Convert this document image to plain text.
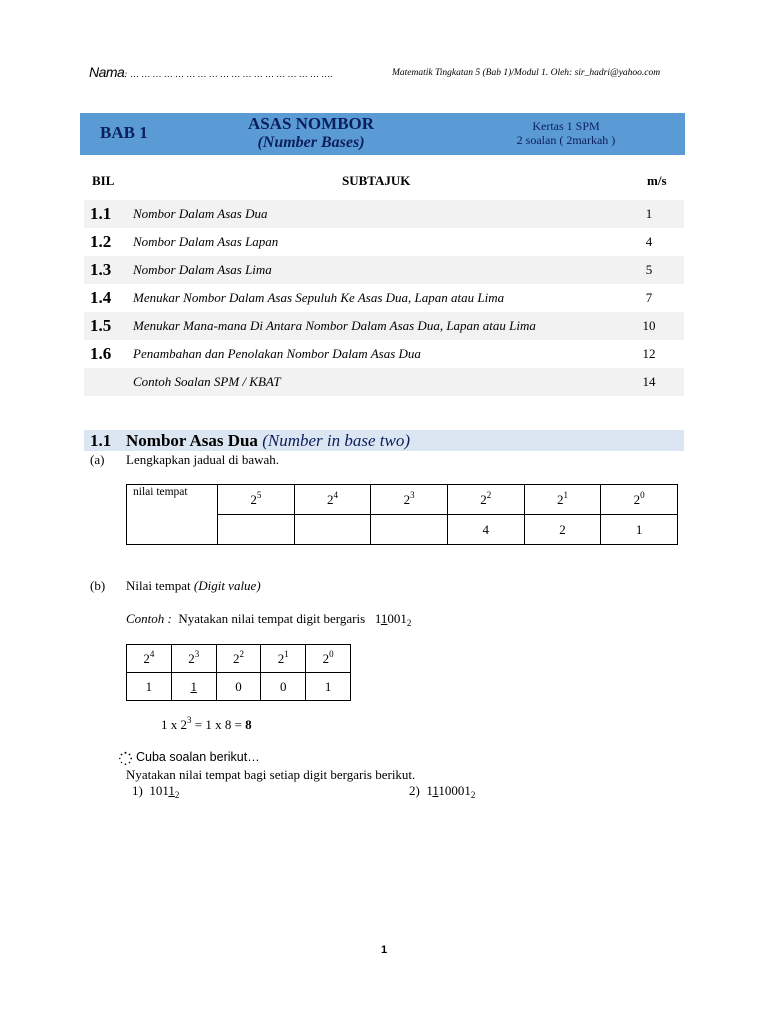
Nama: … … … … … … … … … … … … … … … … … ….	Matematik Tingkatan 5 (Bab 1)/Modul 1. Oleh: sir_hadri@yahoo.com
BAB 1	ASAS NOMBOR
(Number Bases)
Kertas 1 SPM
2 soalan ( 2markah )
BIL	SUBTAJUK	m/s
1.1 Nombor Dalam Asas Dua	1
1.2 Nombor Dalam Asas Lapan	4
1.3 Nombor Dalam Asas Lima	5
1.4 Menukar Nombor Dalam Asas Sepuluh Ke Asas Dua, Lapan atau Lima	7
1.5 Menukar Mana-mana Di Antara Nombor Dalam Asas Dua, Lapan atau Lima	10
1.6 Penambahan dan Penolakan Nombor Dalam Asas Dua	12
Contoh Soalan SPM / KBAT	14
1.1 Nombor Asas Dua (Number in base two)
(a) Lengkapkan jadual di bawah.
nilai tempat	$2^5$	$2^4$	$2^3$	$2^2$	$2^1$	$2^0$
				4	2	1
(b) Nilai tempat (Digit value)
Contoh : Nyatakan nilai tempat digit bergaris $11001_2$
$2^4$	$2^3$	$2^2$	$2^1$	$2^0$
1	1	0	0	1
1 x $2^3 = 1$ x 8 = 8
Cuba soalan berikut…
Nyatakan nilai tempat bagi setiap digit bergaris berikut.
1) $1011_2$	2) $1110001_2$
1
